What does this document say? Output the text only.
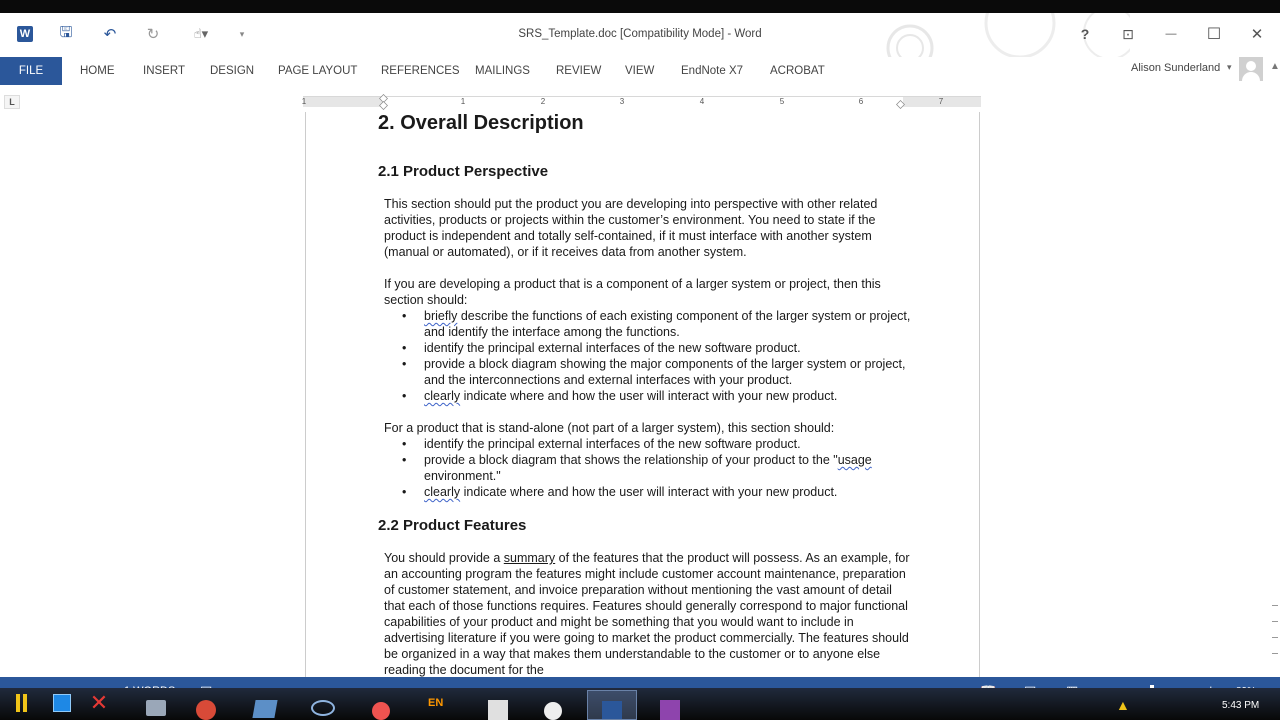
W 🖫 ↶ ↻	☝▾	▾	SRS_Template.doc [Compatibility Mode] - Word	?	⊡	—	☐	✕
FILE	HOME INSERT DESIGN PAGE LAYOUT REFERENCES MAILINGS REVIEW VIEW EndNote X7 ACROBAT	Alison Sunderland ▾	▲
L	1	1	2	3	4	5	6	7
2. Overall Description
2.1 Product Perspective
This section should put the product you are developing into perspective with other related activities, products or projects within the customer’s environment. You need to state if the product is independent and totally self-contained, if it must interface with another system (manual or automated), or if it receives data from another system.
If you are developing a product that is a component of a larger system or project, then this section should:
• briefly describe the functions of each existing component of the larger system or project, and identify the interface among the functions.
• identify the principal external interfaces of the new software product.
• provide a block diagram showing the major components of the larger system or project, and the interconnections and external interfaces with your product.
• clearly indicate where and how the user will interact with your new product.
For a product that is stand-alone (not part of a larger system), this section should:
• identify the principal external interfaces of the new software product.
• provide a block diagram that shows the relationship of your product to the "usage environment."
• clearly indicate where and how the user will interact with your new product.
2.2 Product Features
You should provide a summary of the features that the product will possess. As an example, for an accounting program the features might include customer account maintenance, preparation of customer statement, and invoice preparation without mentioning the vast amount of detail that each of those functions requires. Features should generally correspond to major functional capabilities of your product and might be something that you would want to include in advertising literature if you were going to market the product commercially. The features should be organized in a way that makes them understandable to the customer or to anyone else reading the document for the
✕	EN	▲	5:43 PM
